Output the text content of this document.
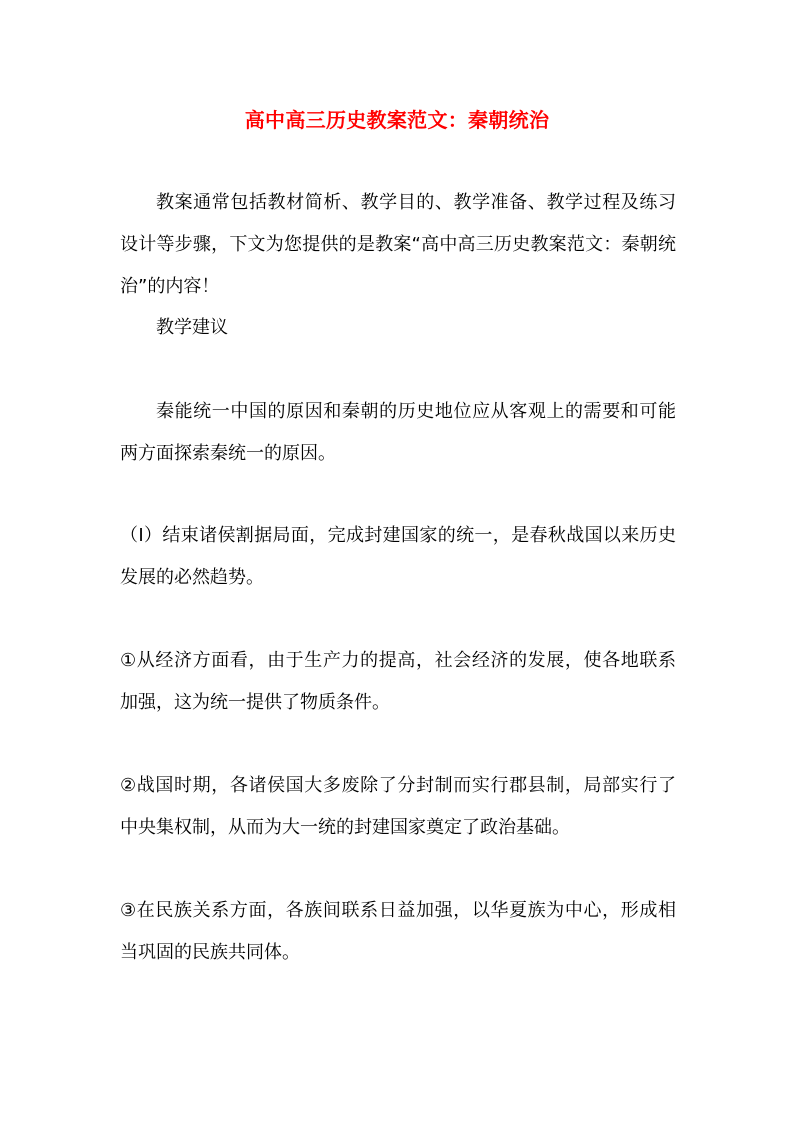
高中高三历史教案范文：秦朝统治

教案通常包括教材简析、教学目的、教学准备、教学过程及练习设计等步骤，下文为您提供的是教案“高中高三历史教案范文：秦朝统治”的内容！

教学建议

秦能统一中国的原因和秦朝的历史地位应从客观上的需要和可能两方面探索秦统一的原因。

（Ⅰ）结束诸侯割据局面，完成封建国家的统一，是春秋战国以来历史发展的必然趋势。

①从经济方面看，由于生产力的提高，社会经济的发展，使各地联系加强，这为统一提供了物质条件。

②战国时期，各诸侯国大多废除了分封制而实行郡县制，局部实行了中央集权制，从而为大一统的封建国家奠定了政治基础。

③在民族关系方面，各族间联系日益加强，以华夏族为中心，形成相当巩固的民族共同体。
